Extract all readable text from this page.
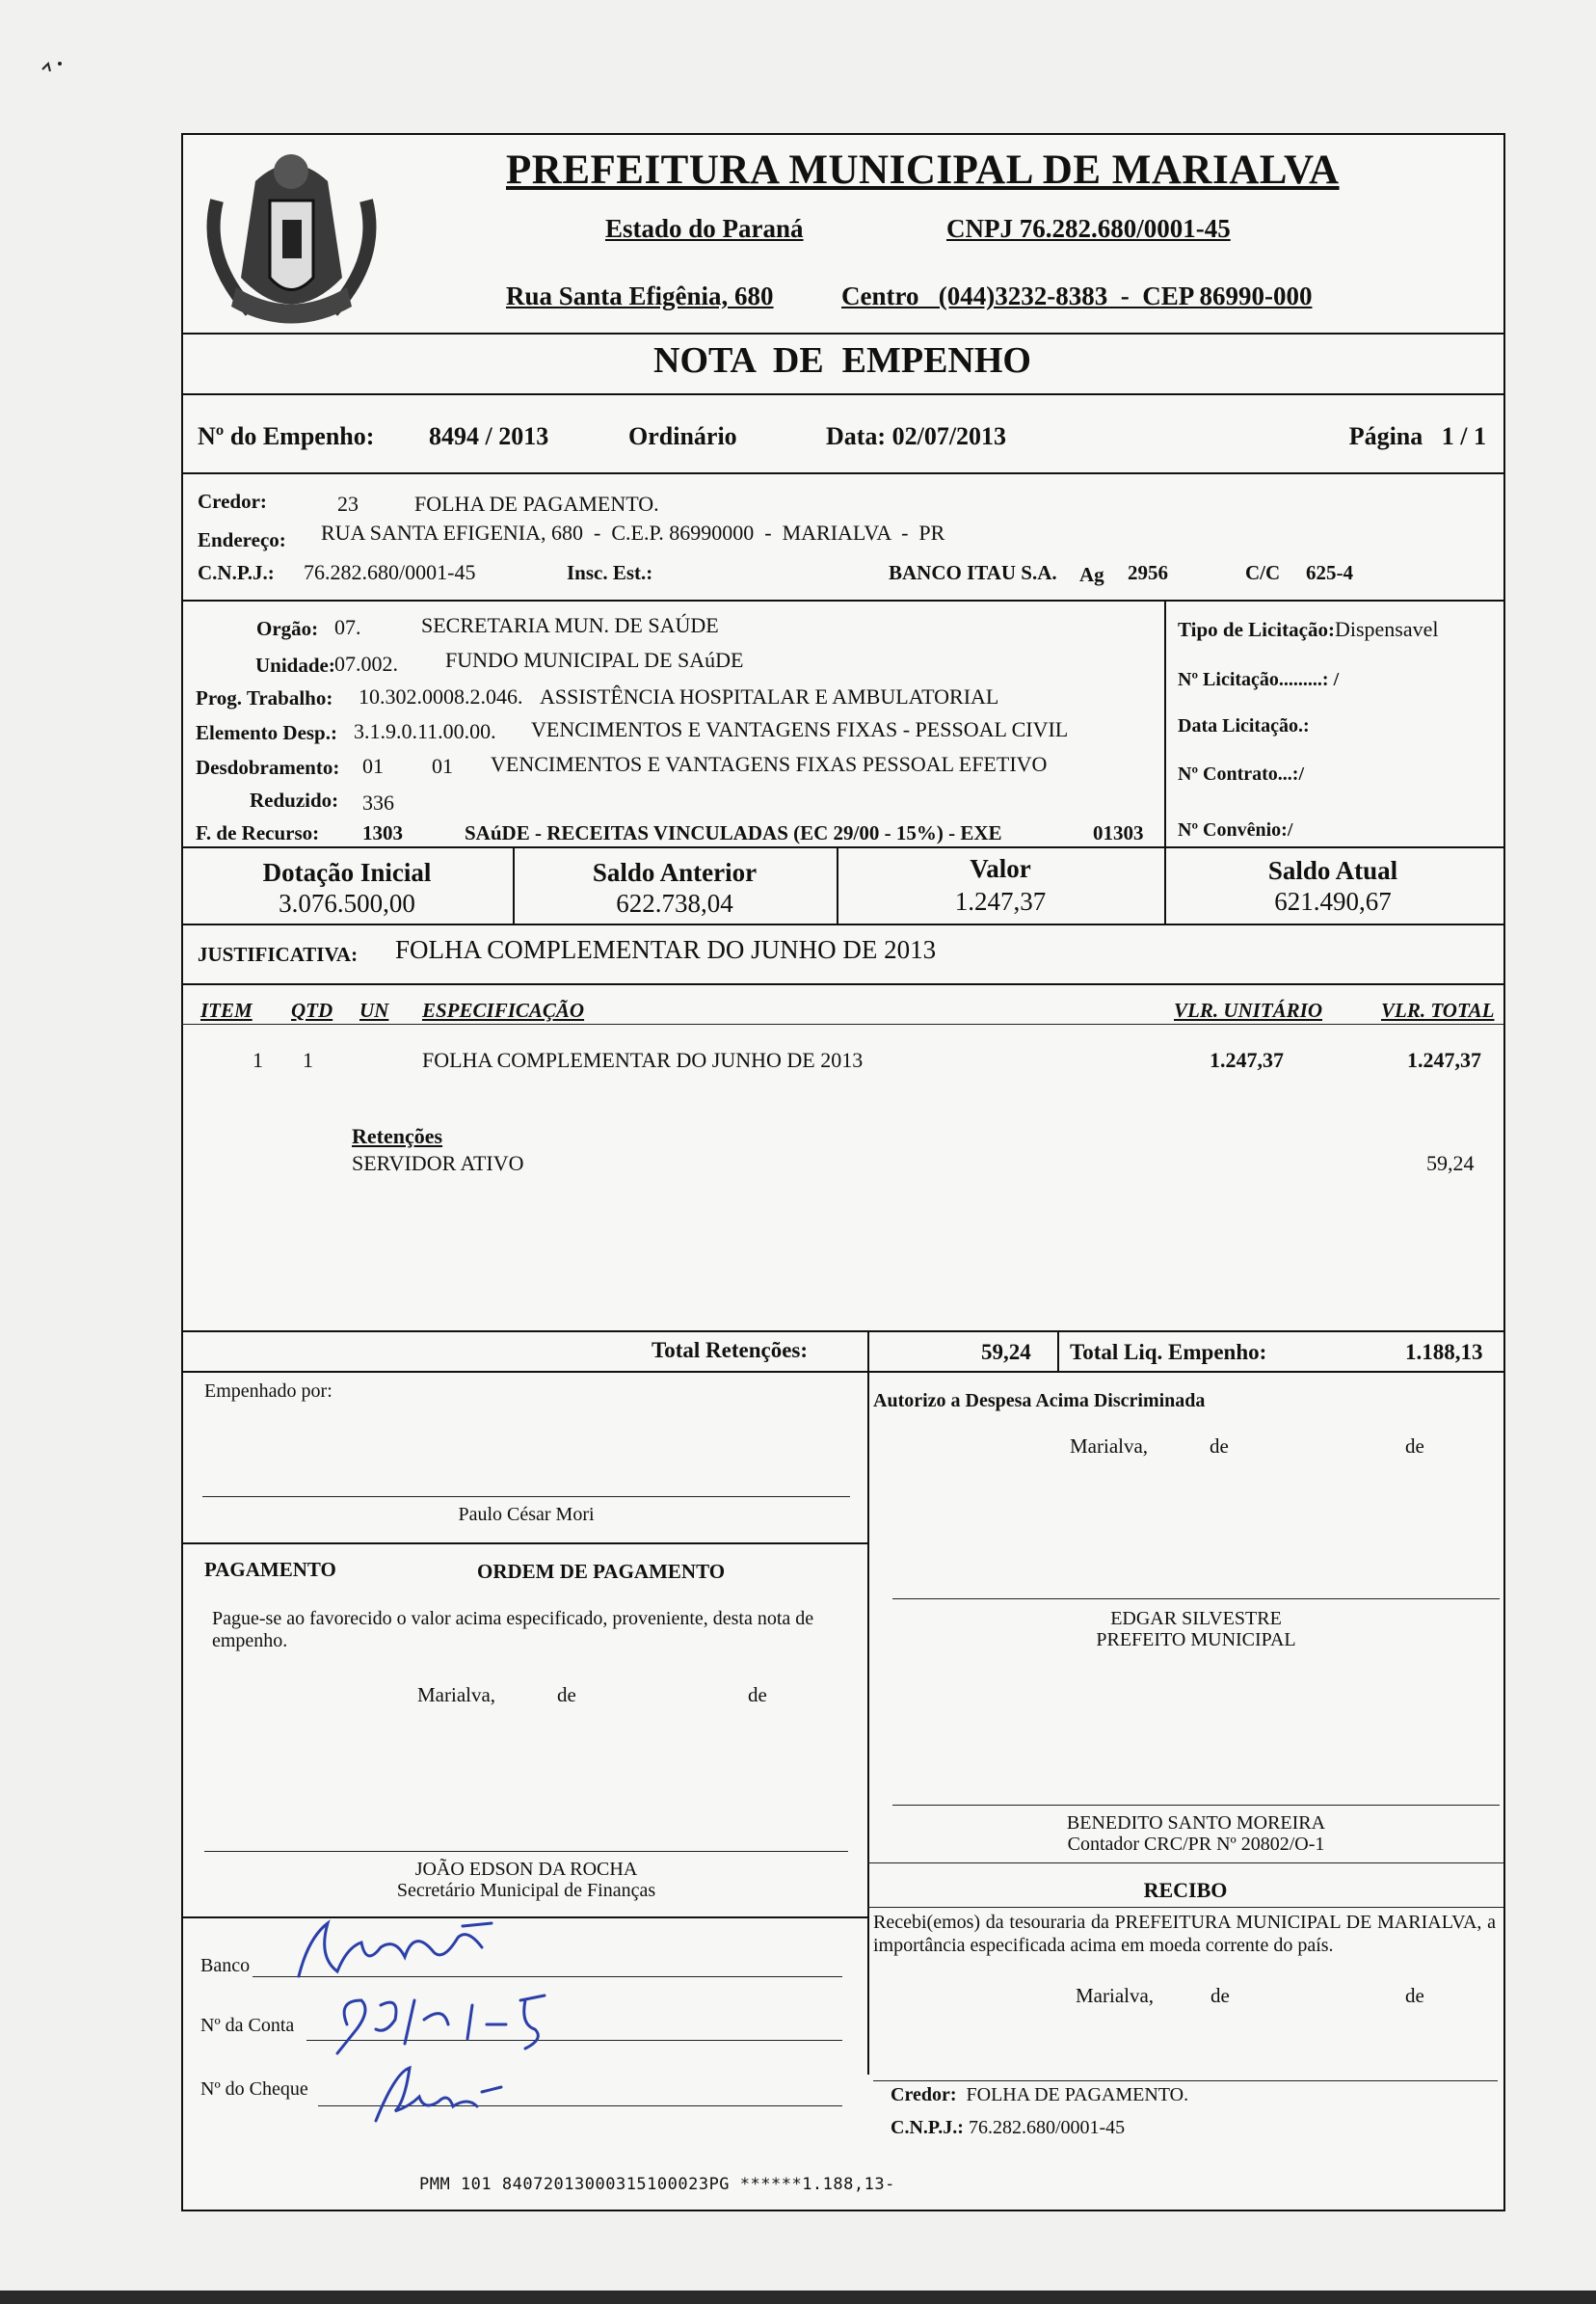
PREFEITURA MUNICIPAL DE MARIALVA
Estado do Paraná	CNPJ 76.282.680/0001-45
Rua Santa Efigênia, 680	Centro   (044)3232-8383  -  CEP 86990-000
NOTA  DE  EMPENHO
Nº do Empenho: 8494 / 2013	Ordinário	Data: 02/07/2013	Página   1 / 1
Credor:	23	FOLHA DE PAGAMENTO.
Endereço: RUA SANTA EFIGENIA, 680  -  C.E.P. 86990000  -  MARIALVA  -  PR
C.N.P.J.: 76.282.680/0001-45	Insc. Est.:	BANCO ITAU S.A. Ag 2956	C/C 625-4
Orgão: 07.	SECRETARIA MUN. DE SAÚDE
Unidade: 07.002. FUNDO MUNICIPAL DE SAúDE
Prog. Trabalho: 10.302.0008.2.046. ASSISTÊNCIA HOSPITALAR E AMBULATORIAL
Elemento Desp.: 3.1.9.0.11.00.00. VENCIMENTOS E VANTAGENS FIXAS - PESSOAL CIVIL
Desdobramento: 01 01 VENCIMENTOS E VANTAGENS FIXAS PESSOAL EFETIVO
Reduzido: 336
F. de Recurso: 1303	SAúDE - RECEITAS VINCULADAS (EC 29/00 - 15%) - EXE	01303
Tipo de Licitação:Dispensavel
Nº Licitação.........: /
Data Licitação.:
Nº Contrato...:/
Nº Convênio:/
Dotação Inicial
3.076.500,00
Saldo Anterior
622.738,04
Valor
1.247,37
Saldo Atual
621.490,67
JUSTIFICATIVA: FOLHA COMPLEMENTAR DO JUNHO DE 2013
ITEM QTD UN ESPECIFICAÇÃO	VLR. UNITÁRIO	VLR. TOTAL
1 1	FOLHA COMPLEMENTAR DO JUNHO DE 2013	1.247,37	1.247,37
Retenções
SERVIDOR ATIVO	59,24
Total Retenções:	59,24 Total Liq. Empenho:	1.188,13
Empenhado por:
Paulo César Mori
Autorizo a Despesa Acima Discriminada
Marialva,	de	de
PAGAMENTO	ORDEM DE PAGAMENTO
Pague-se ao favorecido o valor acima especificado, proveniente, desta nota de empenho.
Marialva,	de	de
EDGAR SILVESTRE
PREFEITO MUNICIPAL
BENEDITO SANTO MOREIRA
Contador CRC/PR Nº 20802/O-1
JOÃO EDSON DA ROCHA
Secretário Municipal de Finanças	RECIBO
Recebi(emos) da tesouraria da PREFEITURA MUNICIPAL DE MARIALVA, a importância especificada acima em moeda corrente do país.
Marialva,	de	de
Credor: FOLHA DE PAGAMENTO.
C.N.P.J.: 76.282.680/0001-45
Banco
Nº da Conta
Nº do Cheque
PMM 101 84072013000315100023PG ******1.188,13-
